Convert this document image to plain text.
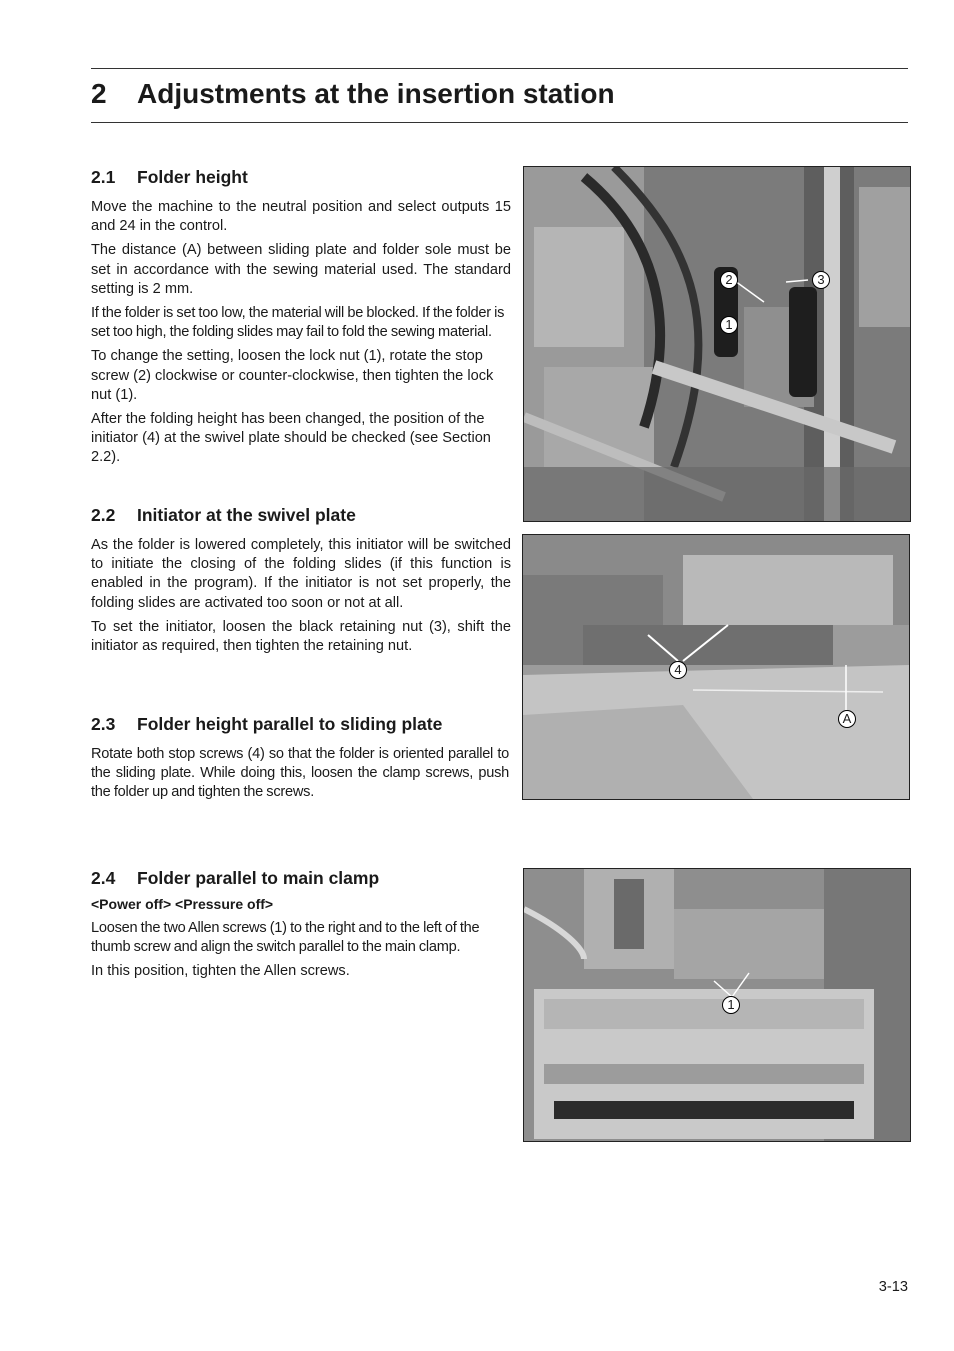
2 Adjustments at the insertion station
2.1 Folder height

Move the machine to the neutral position and select outputs 15 and 24 in the control.

The distance (A) between sliding plate and folder sole must be set in accordance with the sewing material used. The standard setting is 2 mm.

If the folder is set too low, the material will be blocked. If the folder is set too high, the folding slides may fail to fold the sewing material.

To change the setting, loosen the lock nut (1), rotate the stop screw (2) clockwise or counter-clockwise, then tighten the lock nut (1).

After the folding height has been changed, the position of the initiator (4) at the swivel plate should be checked (see Section 2.2).

2.2 Initiator at the swivel plate

As the folder is lowered completely, this initiator will be switched to initiate the closing of the folding slides (if this function is enabled in the program). If the initiator is not set properly, the folding slides are activated too soon or not at all.

To set the initiator, loosen the black retaining nut (3), shift the initiator as required, then tighten the retaining nut.

2.3 Folder height parallel to sliding plate

Rotate both stop screws (4) so that the folder is oriented parallel to the sliding plate. While doing this, loosen the clamp screws, push the folder up and tighten the screws.

2.4 Folder parallel to main clamp
<Power off> <Pressure off>

Loosen the two Allen screws (1) to the right and to the left of the thumb screw and align the switch parallel to the main clamp.

In this position, tighten the Allen screws.

2	3
1
4
A
1
3-13
